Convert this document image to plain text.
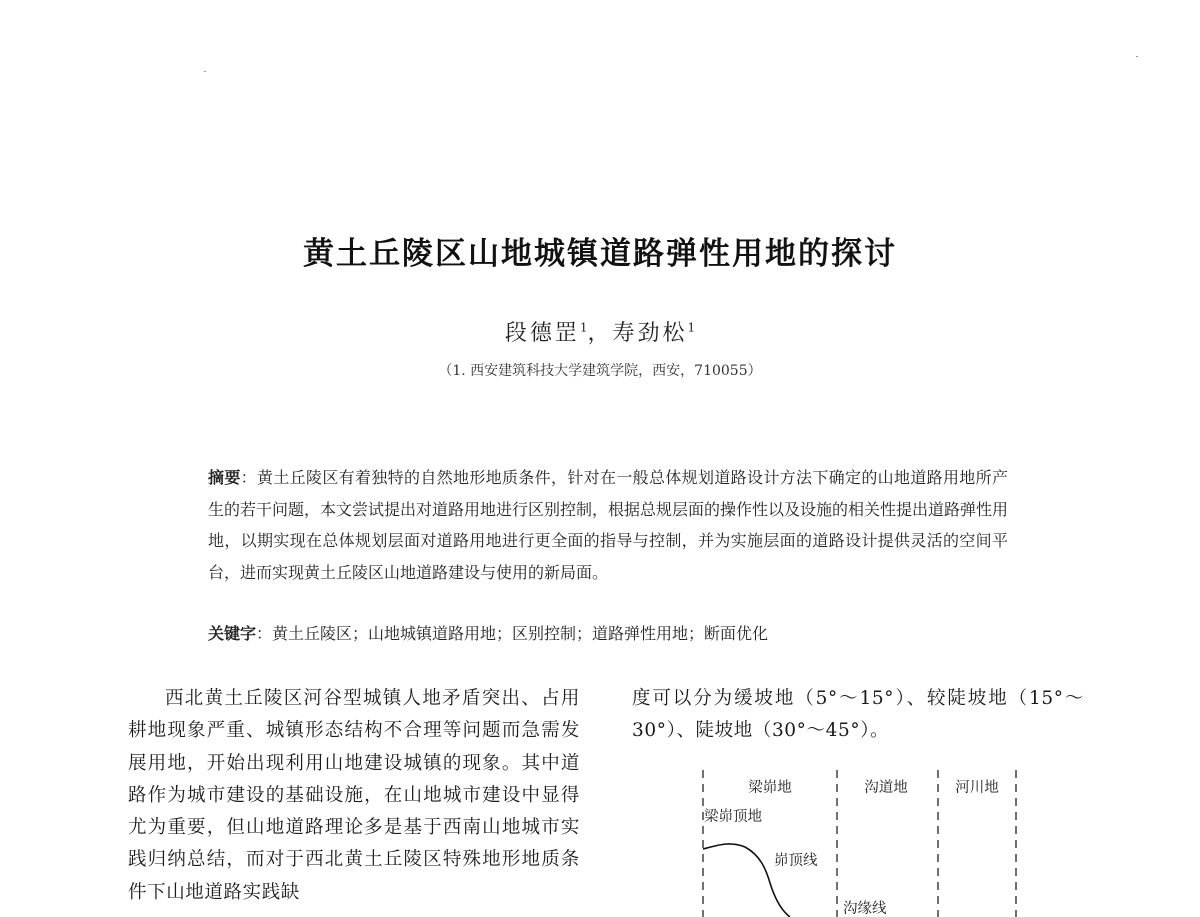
黄土丘陵区山地城镇道路弹性用地的探讨
段德罡$^1$，寿劲松$^1$
（1. 西安建筑科技大学建筑学院，西安，710055）
摘要：黄土丘陵区有着独特的自然地形地质条件，针对在一般总体规划道路设计方法下确定的山地道路用地所产生的若干问题，本文尝试提出对道路用地进行区别控制，根据总规层面的操作性以及设施的相关性提出道路弹性用地，以期实现在总体规划层面对道路用地进行更全面的指导与控制，并为实施层面的道路设计提供灵活的空间平台，进而实现黄土丘陵区山地道路建设与使用的新局面。
关键字：黄土丘陵区；山地城镇道路用地；区别控制；道路弹性用地；断面优化
西北黄土丘陵区河谷型城镇人地矛盾突出、占用耕地现象严重、城镇形态结构不合理等问题而急需发展用地，开始出现利用山地建设城镇的现象。其中道路作为城市建设的基础设施，在山地城市建设中显得尤为重要，但山地道路理论多是基于西南山地城市实践归纳总结，而对于西北黄土丘陵区特殊地形地质条件下山地道路实践缺
度可以分为缓坡地（5°～15°）、较陡坡地（15°～30°）、陡坡地（30°～45°）。
梁峁地	沟道地	河川地
梁峁顶地
峁顶线
沟缘线
